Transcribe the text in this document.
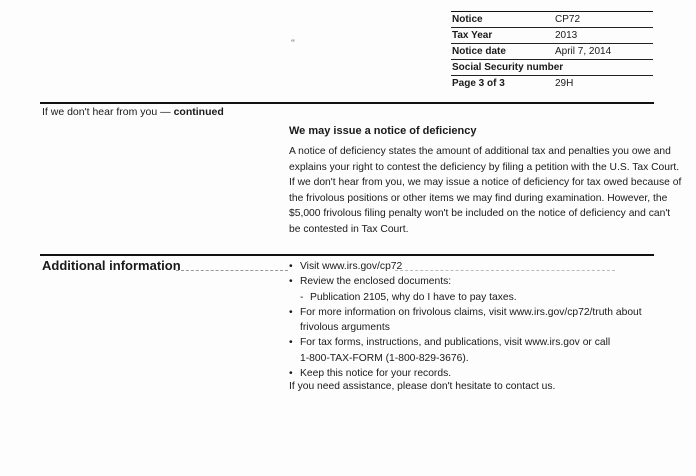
Notice	CP72
Tax Year	2013
Notice date	April 7, 2014
Social Security number
Page 3 of 3	29H
‘'
If we don't hear from you — continued
We may issue a notice of deficiency
A notice of deficiency states the amount of additional tax and penalties you owe and
explains your right to contest the deficiency by filing a petition with the U.S. Tax Court.
If we don't hear from you, we may issue a notice of deficiency for tax owed because of
the frivolous positions or other items we may find during examination. However, the
$5,000 frivolous filing penalty won't be included on the notice of deficiency and can't
be contested in Tax Court.
Additional information	• Visit www.irs.gov/cp72
• Review the enclosed documents:
- Publication 2105, why do I have to pay taxes.
• For more information on frivolous claims, visit www.irs.gov/cp72/truth about
frivolous arguments
• For tax forms, instructions, and publications, visit www.irs.gov or call
1-800-TAX-FORM (1-800-829-3676).
• Keep this notice for your records.
If you need assistance, please don't hesitate to contact us.
